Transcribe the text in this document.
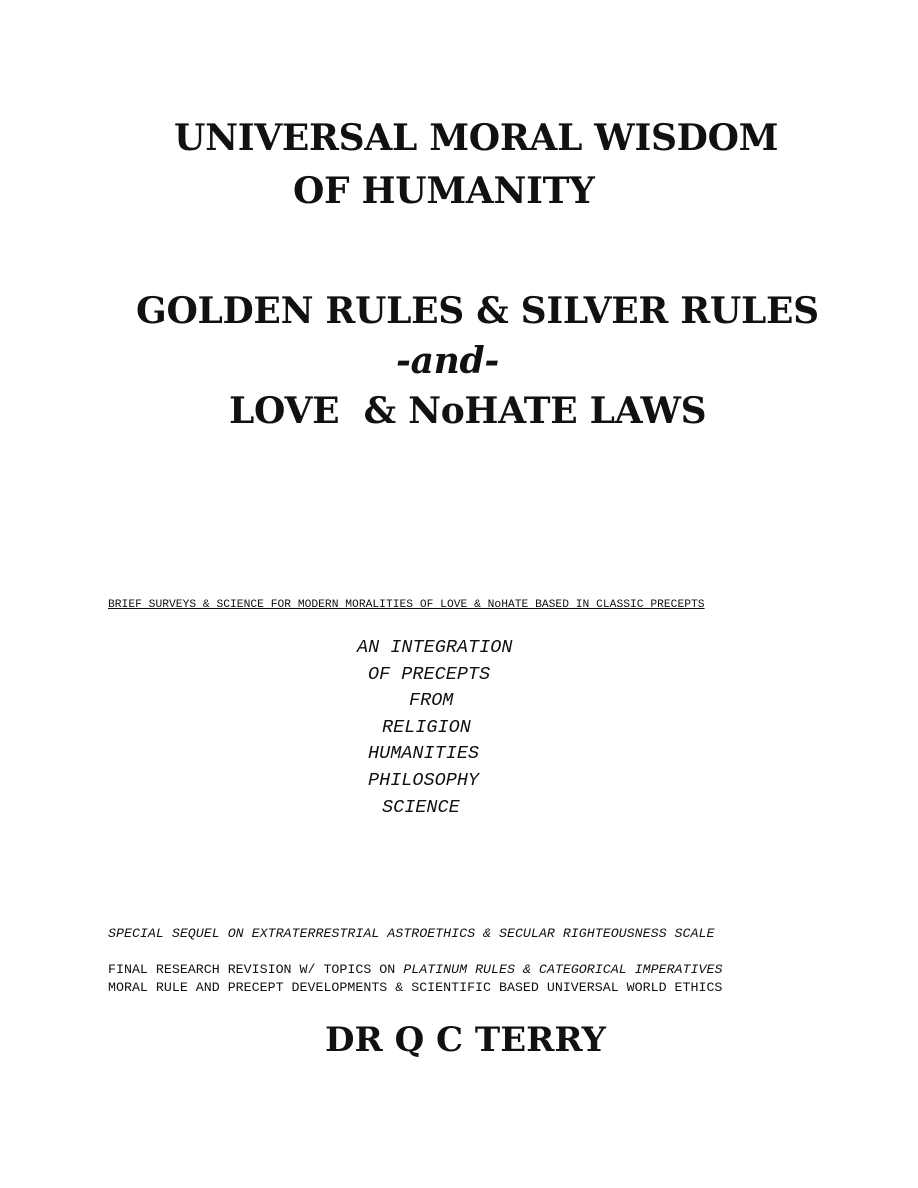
UNIVERSAL MORAL WISDOM
OF HUMANITY
GOLDEN RULES & SILVER RULES
-and-
LOVE  & NoHATE LAWS
BRIEF SURVEYS & SCIENCE FOR MODERN MORALITIES OF LOVE & NoHATE BASED IN CLASSIC PRECEPTS
AN INTEGRATION
OF PRECEPTS
FROM
RELIGION
HUMANITIES
PHILOSOPHY
SCIENCE
SPECIAL SEQUEL ON EXTRATERRESTRIAL ASTROETHICS & SECULAR RIGHTEOUSNESS SCALE
FINAL RESEARCH REVISION W/ TOPICS ON PLATINUM RULES & CATEGORICAL IMPERATIVES
MORAL RULE AND PRECEPT DEVELOPMENTS & SCIENTIFIC BASED UNIVERSAL WORLD ETHICS
DR Q C TERRY
